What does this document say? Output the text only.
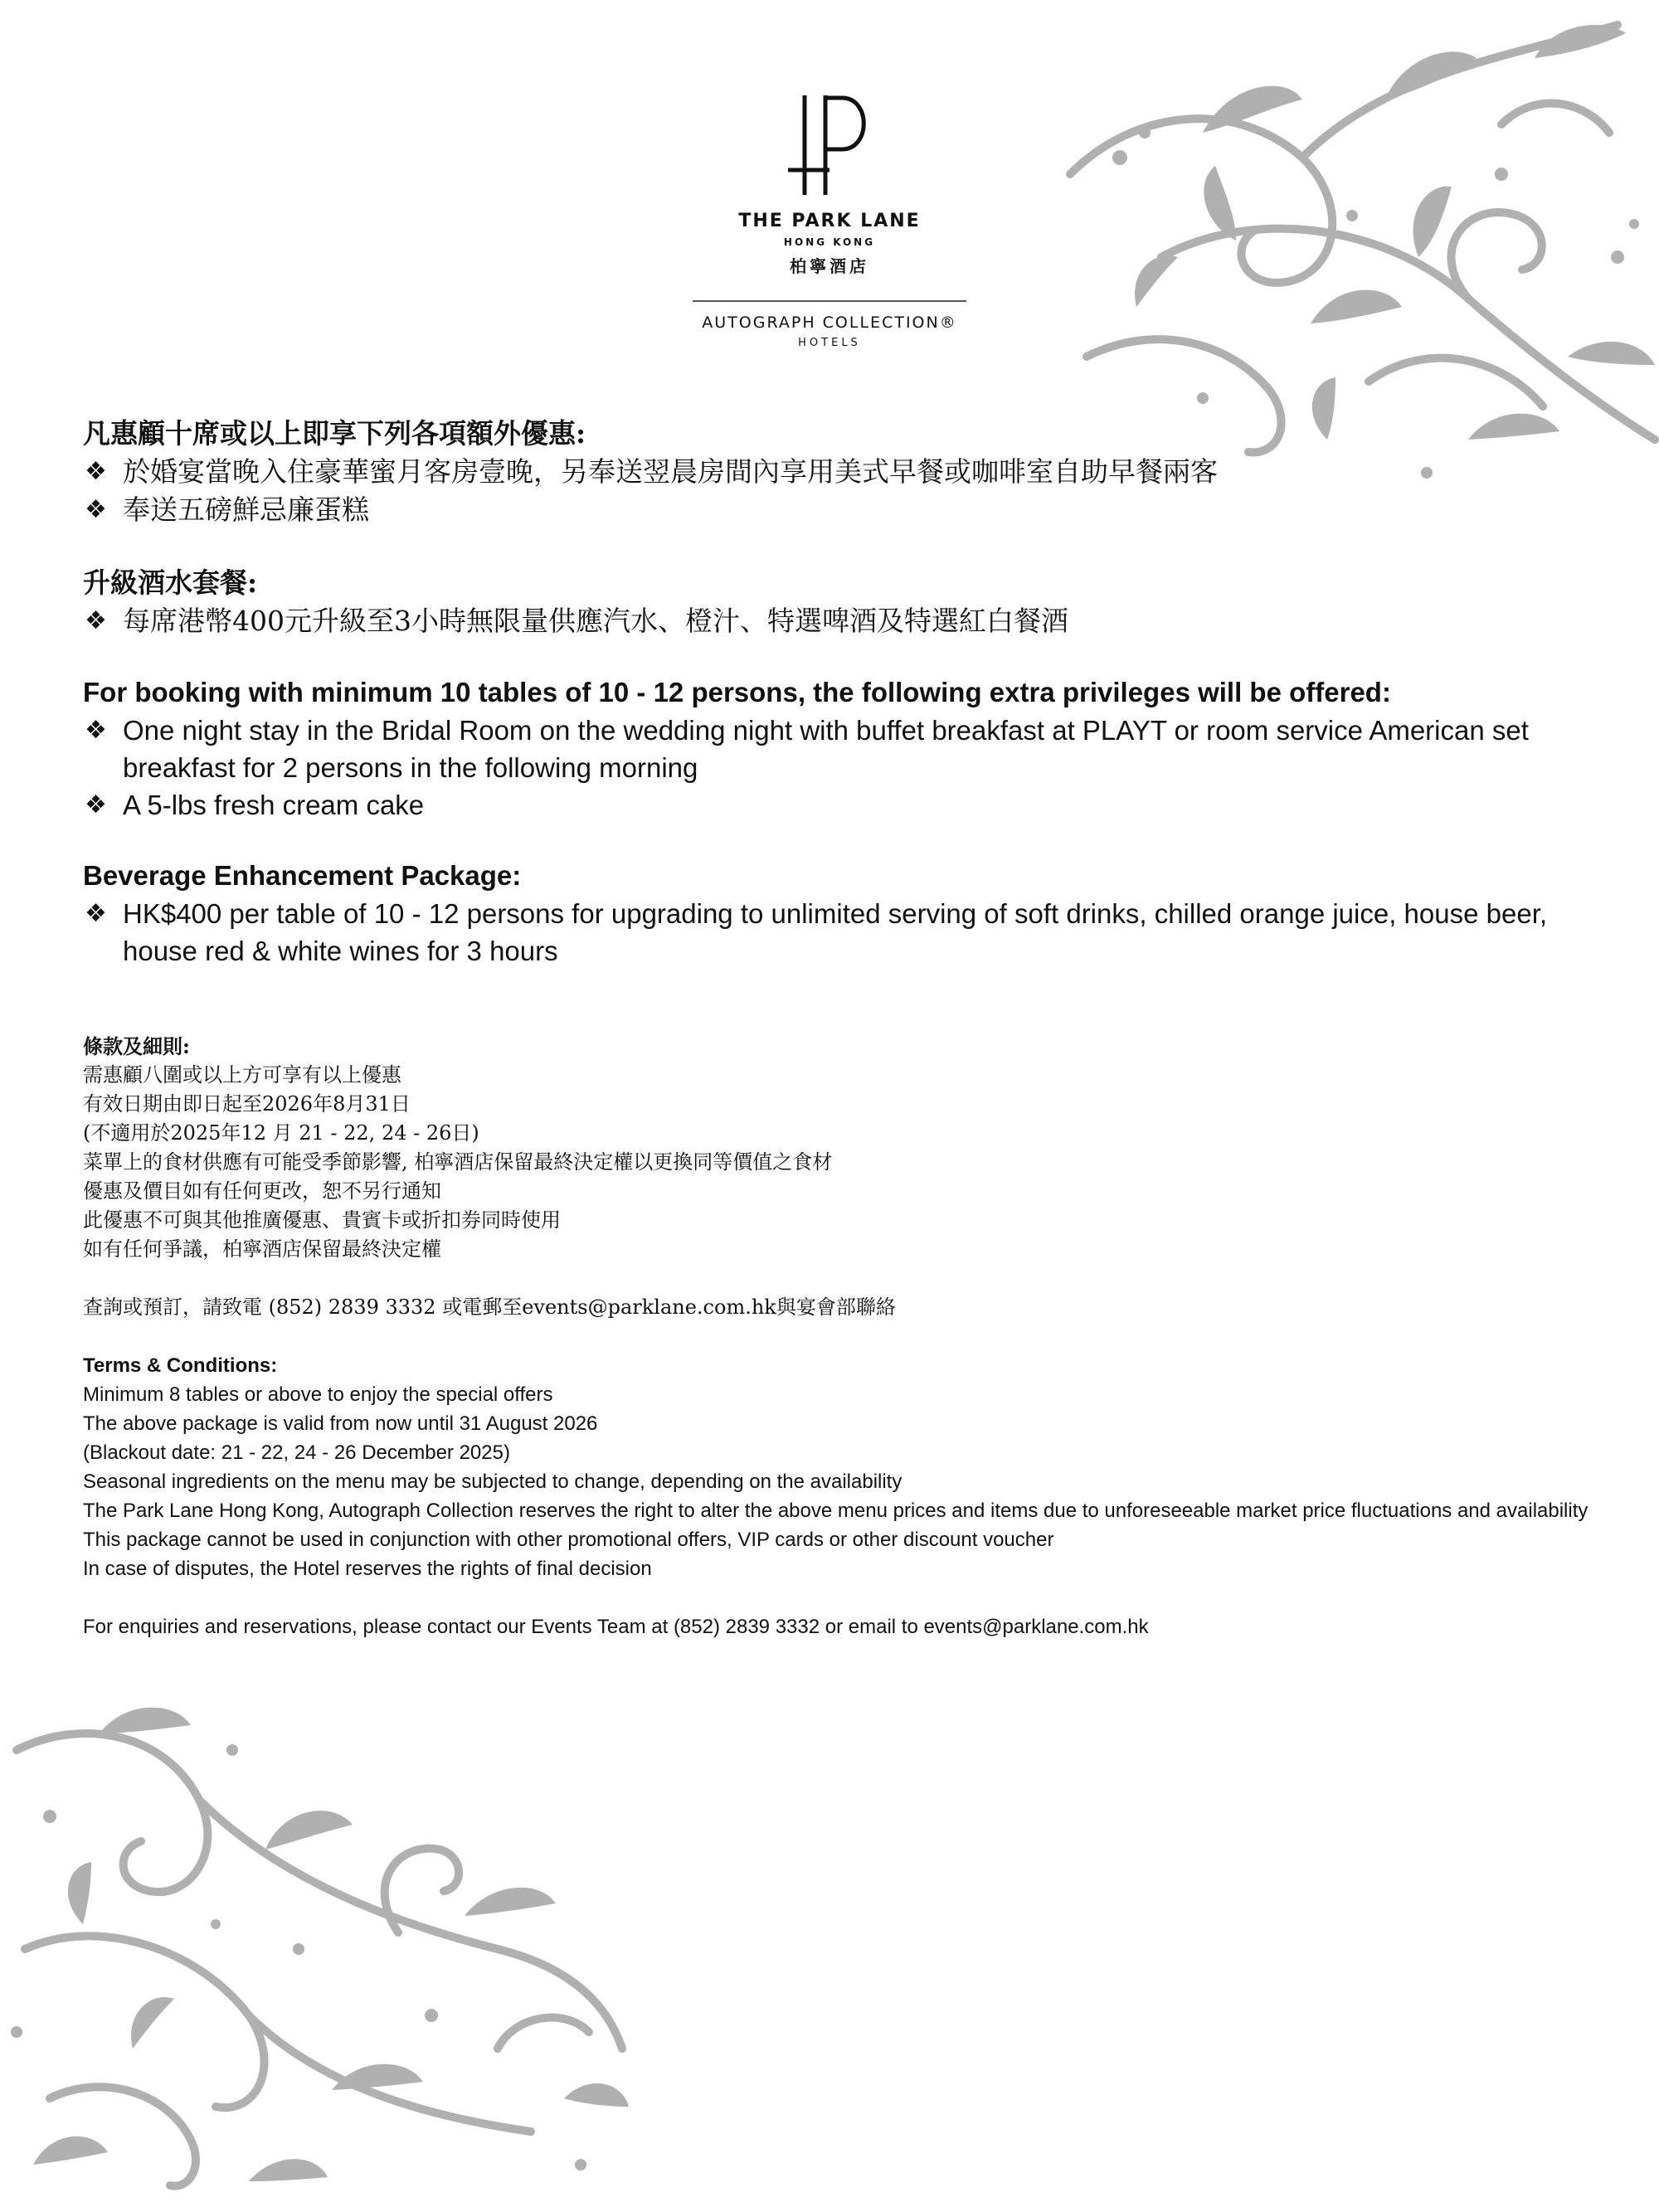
THE PARK LANE
HONG KONG
柏寧酒店
AUTOGRAPH COLLECTION®
HOTELS

凡惠顧十席或以上即享下列各項額外優惠:

❖ 於婚宴當晚入住豪華蜜月客房壹晚，另奉送翌晨房間內享用美式早餐或咖啡室自助早餐兩客
❖ 奉送五磅鮮忌廉蛋糕

升級酒水套餐:

❖ 每席港幣400元升級至3小時無限量供應汽水、橙汁、特選啤酒及特選紅白餐酒

For booking with minimum 10 tables of 10 - 12 persons, the following extra privileges will be offered:

❖ One night stay in the Bridal Room on the wedding night with buffet breakfast at PLAYT or room service American set breakfast for 2 persons in the following morning
❖ A 5-lbs fresh cream cake

Beverage Enhancement Package:

❖ HK$400 per table of 10 - 12 persons for upgrading to unlimited serving of soft drinks, chilled orange juice, house beer, house red & white wines for 3 hours

條款及細則:

需惠顧八圍或以上方可享有以上優惠

有效日期由即日起至2026年8月31日

(不適用於2025年12 月 21 - 22, 24 - 26日)

菜單上的食材供應有可能受季節影響, 柏寧酒店保留最終決定權以更換同等價值之食材

優惠及價目如有任何更改，恕不另行通知

此優惠不可與其他推廣優惠、貴賓卡或折扣券同時使用

如有任何爭議，柏寧酒店保留最終決定權

查詢或預訂，請致電 (852) 2839 3332 或電郵至events@parklane.com.hk與宴會部聯絡

Terms & Conditions:

Minimum 8 tables or above to enjoy the special offers

The above package is valid from now until 31 August 2026

(Blackout date: 21 - 22, 24 - 26 December 2025)

Seasonal ingredients on the menu may be subjected to change, depending on the availability

The Park Lane Hong Kong, Autograph Collection reserves the right to alter the above menu prices and items due to unforeseeable market price fluctuations and availability

This package cannot be used in conjunction with other promotional offers, VIP cards or other discount voucher

In case of disputes, the Hotel reserves the rights of final decision

For enquiries and reservations, please contact our Events Team at (852) 2839 3332 or email to events@parklane.com.hk
